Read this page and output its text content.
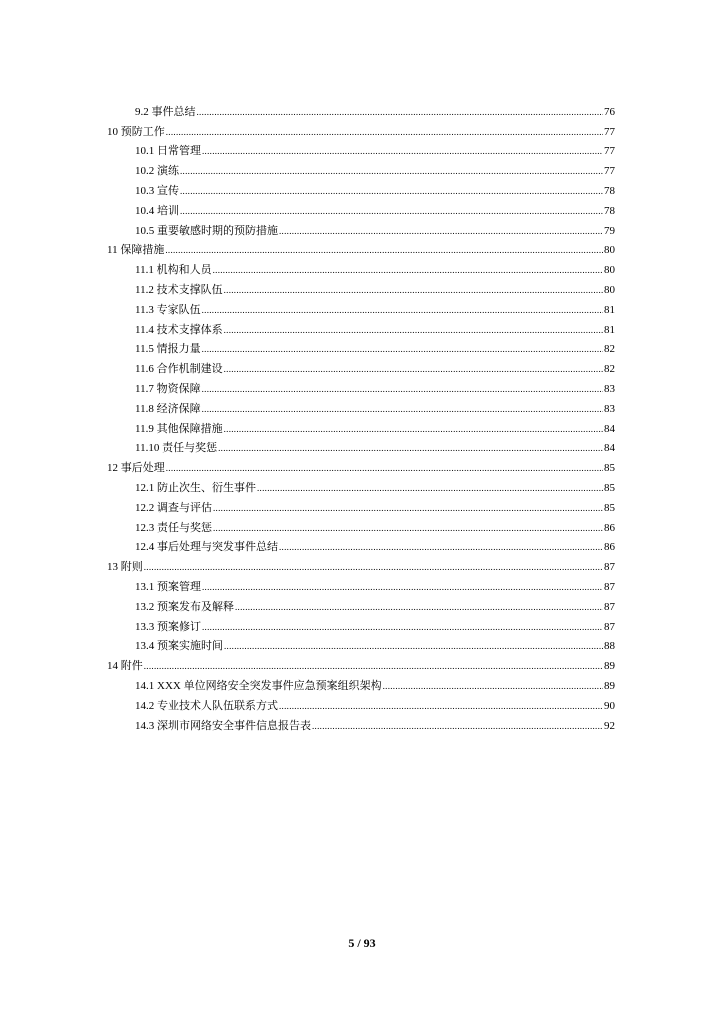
9.2 事件总结 .....	76
10 预防工作 .....	77
10.1 日常管理 .....	77
10.2 演练 .....	77
10.3 宣传 .....	78
10.4 培训 .....	78
10.5 重要敏感时期的预防措施 .....	79
11 保障措施 .....	80
11.1 机构和人员 .....	80
11.2 技术支撑队伍 .....	80
11.3 专家队伍 .....	81
11.4 技术支撑体系 .....	81
11.5 情报力量 .....	82
11.6 合作机制建设 .....	82
11.7 物资保障 .....	83
11.8 经济保障 .....	83
11.9 其他保障措施 .....	84
11.10 责任与奖惩 .....	84
12 事后处理 .....	85
12.1 防止次生、衍生事件 .....	85
12.2 调查与评估 .....	85
12.3 责任与奖惩 .....	86
12.4 事后处理与突发事件总结 .....	86
13 附则 .....	87
13.1 预案管理 .....	87
13.2 预案发布及解释 .....	87
13.3 预案修订 .....	87
13.4 预案实施时间 .....	88
14 附件 .....	89
14.1 XXX 单位网络安全突发事件应急预案组织架构 .....	89
14.2 专业技术人队伍联系方式 .....	90
14.3 深圳市网络安全事件信息报告表 .....	92
5 / 93
